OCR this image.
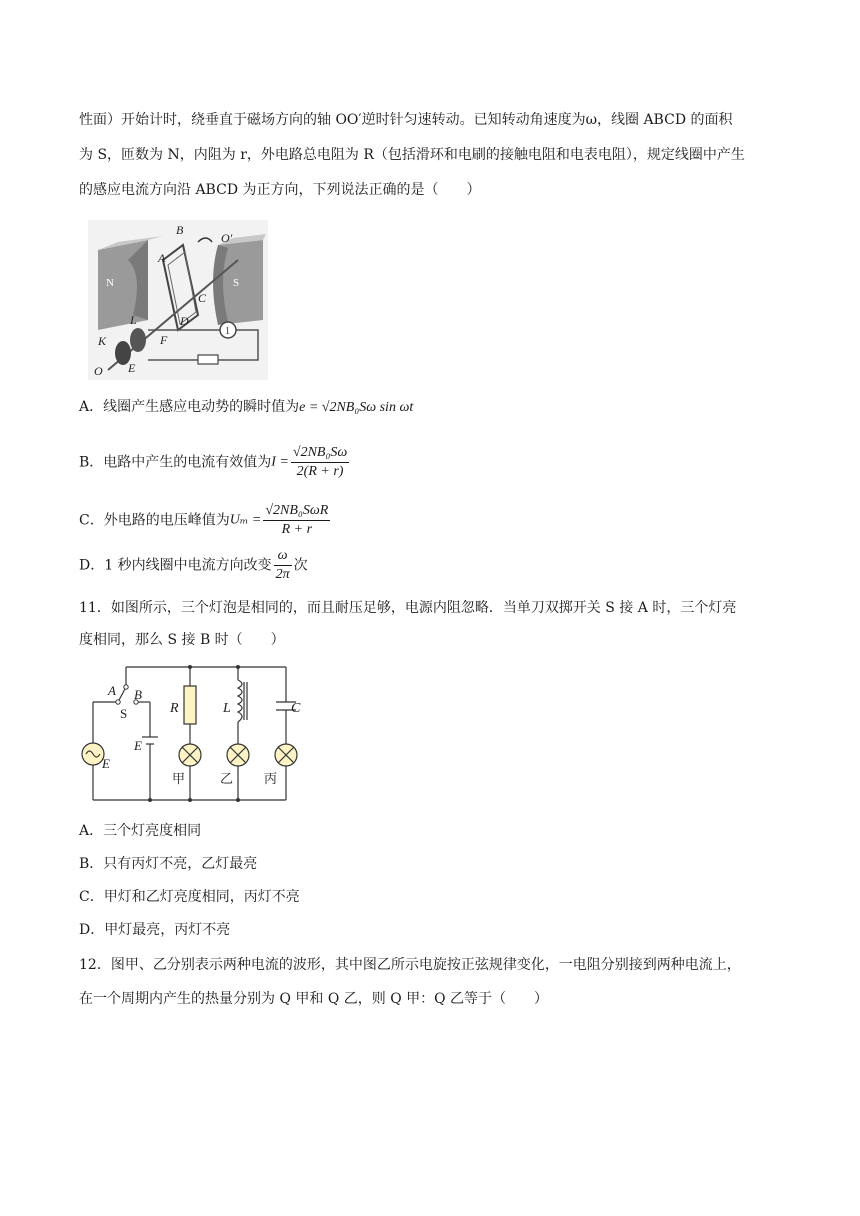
性面）开始计时，绕垂直于磁场方向的轴 OO′逆时针匀速转动。已知转动角速度为ω，线圈 ABCD 的面积

为 S，匝数为 N，内阻为 r，外电路总电阻为 R（包括滑环和电刷的接触电阻和电表电阻），规定线圈中产生

的感应电流方向沿 ABCD 为正方向，下列说法正确的是（　　）

1
B
O′
A
N	S
L
C
D
K	F
O E

A．线圈产生感应电动势的瞬时值为e = √2NB₀Sω sin ωt

B．电路中产生的电流有效值为$I = \frac{\text{√2NB₀Sω}}{2(R + r)}$
C．外电路的电压峰值为$U_m = \frac{\text{√2NB₀SωR}}{R + r}$
D．1 秒内线圈中电流方向改变 $\frac{\omega}{2\pi}$ 次

11．如图所示，三个灯泡是相同的，而且耐压足够，电源内阻忽略．当单刀双掷开关 S 接 A 时，三个灯亮

度相同，那么 S 接 B 时（　　）

A B
S	R	L	C
E
E
甲	乙 丙

A．三个灯亮度相同

B．只有丙灯不亮，乙灯最亮

C．甲灯和乙灯亮度相同，丙灯不亮

D．甲灯最亮，丙灯不亮

12．图甲、乙分别表示两种电流的波形，其中图乙所示电旋按正弦规律变化，一电阻分别接到两种电流上，

在一个周期内产生的热量分别为 Q 甲和 Q 乙，则 Q 甲：Q 乙等于（　　）
